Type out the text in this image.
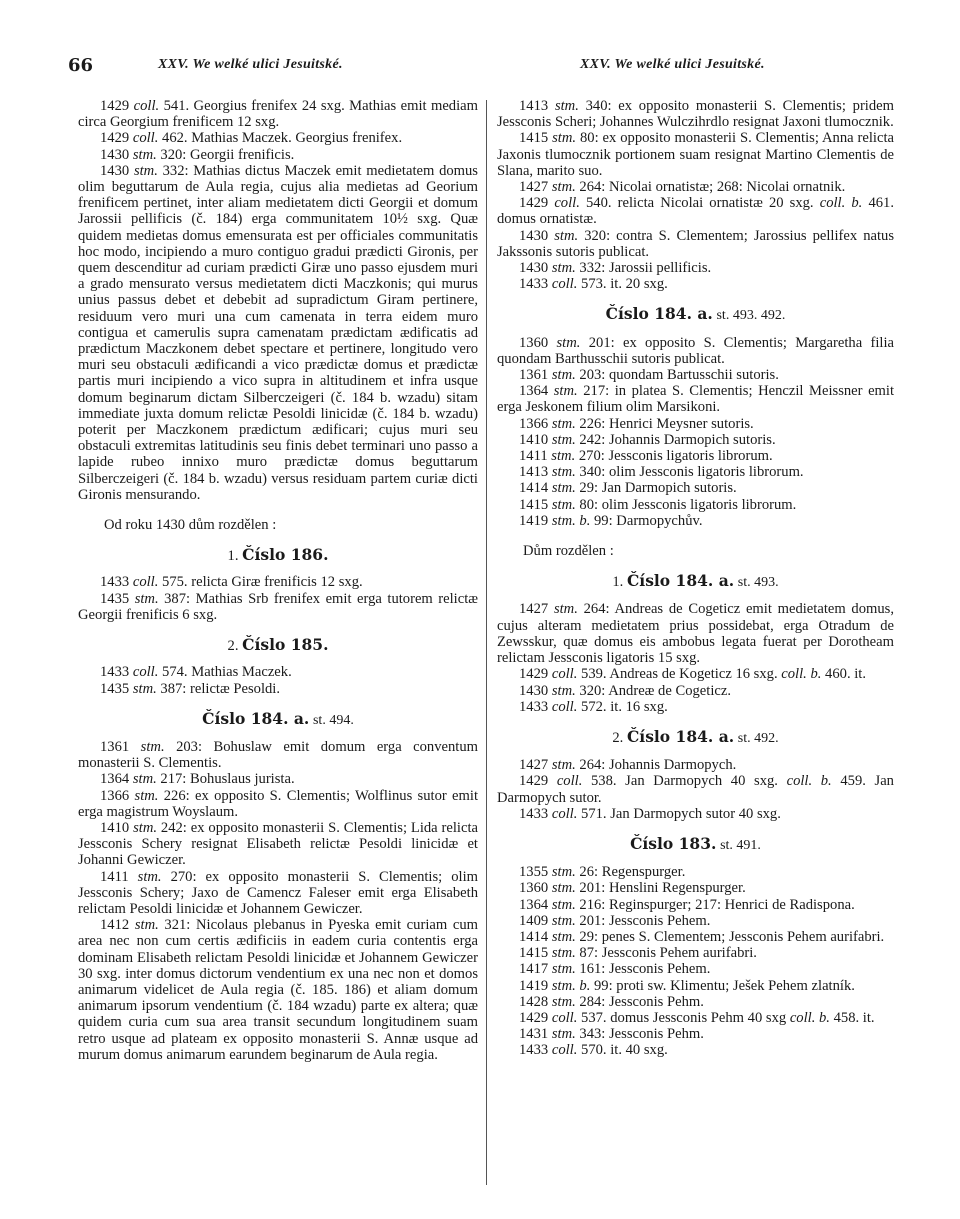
66	XXV. We welké ulici Jesuitské.	XXV. We welké ulici Jesuitské.

1429 coll. 541. Georgius frenifex 24 sxg. Mathias emit mediam circa Georgium frenificem 12 sxg.

1429 coll. 462. Mathias Maczek. Georgius frenifex.

1430 stm. 320: Georgii frenificis.

1430 stm. 332: Mathias dictus Maczek emit medietatem domus olim beguttarum de Aula regia, cujus alia medietas ad Georium frenificem pertinet, inter aliam medietatem dicti Georgii et domum Jarossii pellificis (č. 184) erga communitatem 10½ sxg. Quæ quidem medietas domus emensurata est per officiales communitatis hoc modo, incipiendo a muro contiguo gradui prædicti Gironis, per quem descenditur ad curiam prædicti Giræ uno passo ejusdem muri a grado mensurato versus medietatem dicti Maczkonis; qui murus unius passus debet et debebit ad supradictum Giram pertinere, residuum vero muri una cum camenata in terra eidem muro contigua et camerulis supra camenatam prædictam ædificatis ad prædictum Maczkonem debet spectare et pertinere, longitudo vero muri seu obstaculi ædificandi a vico prædictæ domus et prædictæ partis muri incipiendo a vico supra in altitudinem et infra usque domum beginarum dictam Silberczeigeri (č. 184 b. wzadu) sitam immediate juxta domum relictæ Pesoldi linicidæ (č. 184 b. wzadu) poterit per Maczkonem prædictum ædificari; cujus muri seu obstaculi extremitas latitudinis seu finis debet terminari uno passo a lapide rubeo innixo muro prædictæ domus beguttarum Silberczeigeri (č. 184 b. wzadu) versus residuam partem curiæ dicti Gironis mensurando.

Od roku 1430 dům rozdělen :

1. Číslo 186.

1433 coll. 575. relicta Giræ frenificis 12 sxg.

1435 stm. 387: Mathias Srb frenifex emit erga tutorem relictæ Georgii frenificis 6 sxg.

2. Číslo 185.

1433 coll. 574. Mathias Maczek.

1435 stm. 387: relictæ Pesoldi.

Číslo 184. a. st. 494.

1361 stm. 203: Bohuslaw emit domum erga conventum monasterii S. Clementis.

1364 stm. 217: Bohuslaus jurista.

1366 stm. 226: ex opposito S. Clementis; Wolflinus sutor emit erga magistrum Woyslaum.

1410 stm. 242: ex opposito monasterii S. Clementis; Lida relicta Jessconis Schery resignat Elisabeth relictæ Pesoldi linicidæ et Johanni Gewiczer.

1411 stm. 270: ex opposito monasterii S. Clementis; olim Jessconis Schery; Jaxo de Camencz Faleser emit erga Elisabeth relictam Pesoldi linicidæ et Johannem Gewiczer.

1412 stm. 321: Nicolaus plebanus in Pyeska emit curiam cum area nec non cum certis ædificiis in eadem curia contentis erga dominam Elisabeth relictam Pesoldi linicidæ et Johannem Gewiczer 30 sxg. inter domus dictorum vendentium ex una nec non et domos animarum videlicet de Aula regia (č. 185. 186) et aliam domum animarum ipsorum vendentium (č. 184 wzadu) parte ex altera; quæ quidem curia cum sua area transit secundum longitudinem suam retro usque ad plateam ex opposito monasterii S. Annæ usque ad murum domus animarum earundem beginarum de Aula regia.

1413 stm. 340: ex opposito monasterii S. Clementis; pridem Jessconis Scheri; Johannes Wulczihrdlo resignat Jaxoni tlumocznik.

1415 stm. 80: ex opposito monasterii S. Clementis; Anna relicta Jaxonis tlumocznik portionem suam resignat Martino Clementis de Slana, marito suo.

1427 stm. 264: Nicolai ornatistæ; 268: Nicolai ornatnik.

1429 coll. 540. relicta Nicolai ornatistæ 20 sxg. coll. b. 461. domus ornatistæ.

1430 stm. 320: contra S. Clementem; Jarossius pellifex natus Jakssonis sutoris publicat.

1430 stm. 332: Jarossii pellificis.

1433 coll. 573. it. 20 sxg.

Číslo 184. a. st. 493. 492.

1360 stm. 201: ex opposito S. Clementis; Margaretha filia quondam Barthusschii sutoris publicat.

1361 stm. 203: quondam Bartusschii sutoris.

1364 stm. 217: in platea S. Clementis; Henczil Meissner emit erga Jeskonem filium olim Marsikoni.

1366 stm. 226: Henrici Meysner sutoris.

1410 stm. 242: Johannis Darmopich sutoris.

1411 stm. 270: Jessconis ligatoris librorum.

1413 stm. 340: olim Jessconis ligatoris librorum.

1414 stm. 29: Jan Darmopich sutoris.

1415 stm. 80: olim Jessconis ligatoris librorum.

1419 stm. b. 99: Darmopychův.

Dům rozdělen :

1. Číslo 184. a. st. 493.

1427 stm. 264: Andreas de Cogeticz emit medietatem domus, cujus alteram medietatem prius possidebat, erga Otradum de Zewsskur, quæ domus eis ambobus legata fuerat per Dorotheam relictam Jessconis ligatoris 15 sxg.

1429 coll. 539. Andreas de Kogeticz 16 sxg. coll. b. 460. it.

1430 stm. 320: Andreæ de Cogeticz.

1433 coll. 572. it. 16 sxg.

2. Číslo 184. a. st. 492.

1427 stm. 264: Johannis Darmopych.

1429 coll. 538. Jan Darmopych 40 sxg. coll. b. 459. Jan Darmopych sutor.

1433 coll. 571. Jan Darmopych sutor 40 sxg.

Číslo 183. st. 491.

1355 stm. 26: Regenspurger.

1360 stm. 201: Henslini Regenspurger.

1364 stm. 216: Reginspurger; 217: Henrici de Radispona.

1409 stm. 201: Jessconis Pehem.

1414 stm. 29: penes S. Clementem; Jessconis Pehem aurifabri.

1415 stm. 87: Jessconis Pehem aurifabri.

1417 stm. 161: Jessconis Pehem.

1419 stm. b. 99: proti sw. Klimentu; Ješek Pehem zlatník.

1428 stm. 284: Jessconis Pehm.

1429 coll. 537. domus Jessconis Pehm 40 sxg coll. b. 458. it.

1431 stm. 343: Jessconis Pehm.

1433 coll. 570. it. 40 sxg.
